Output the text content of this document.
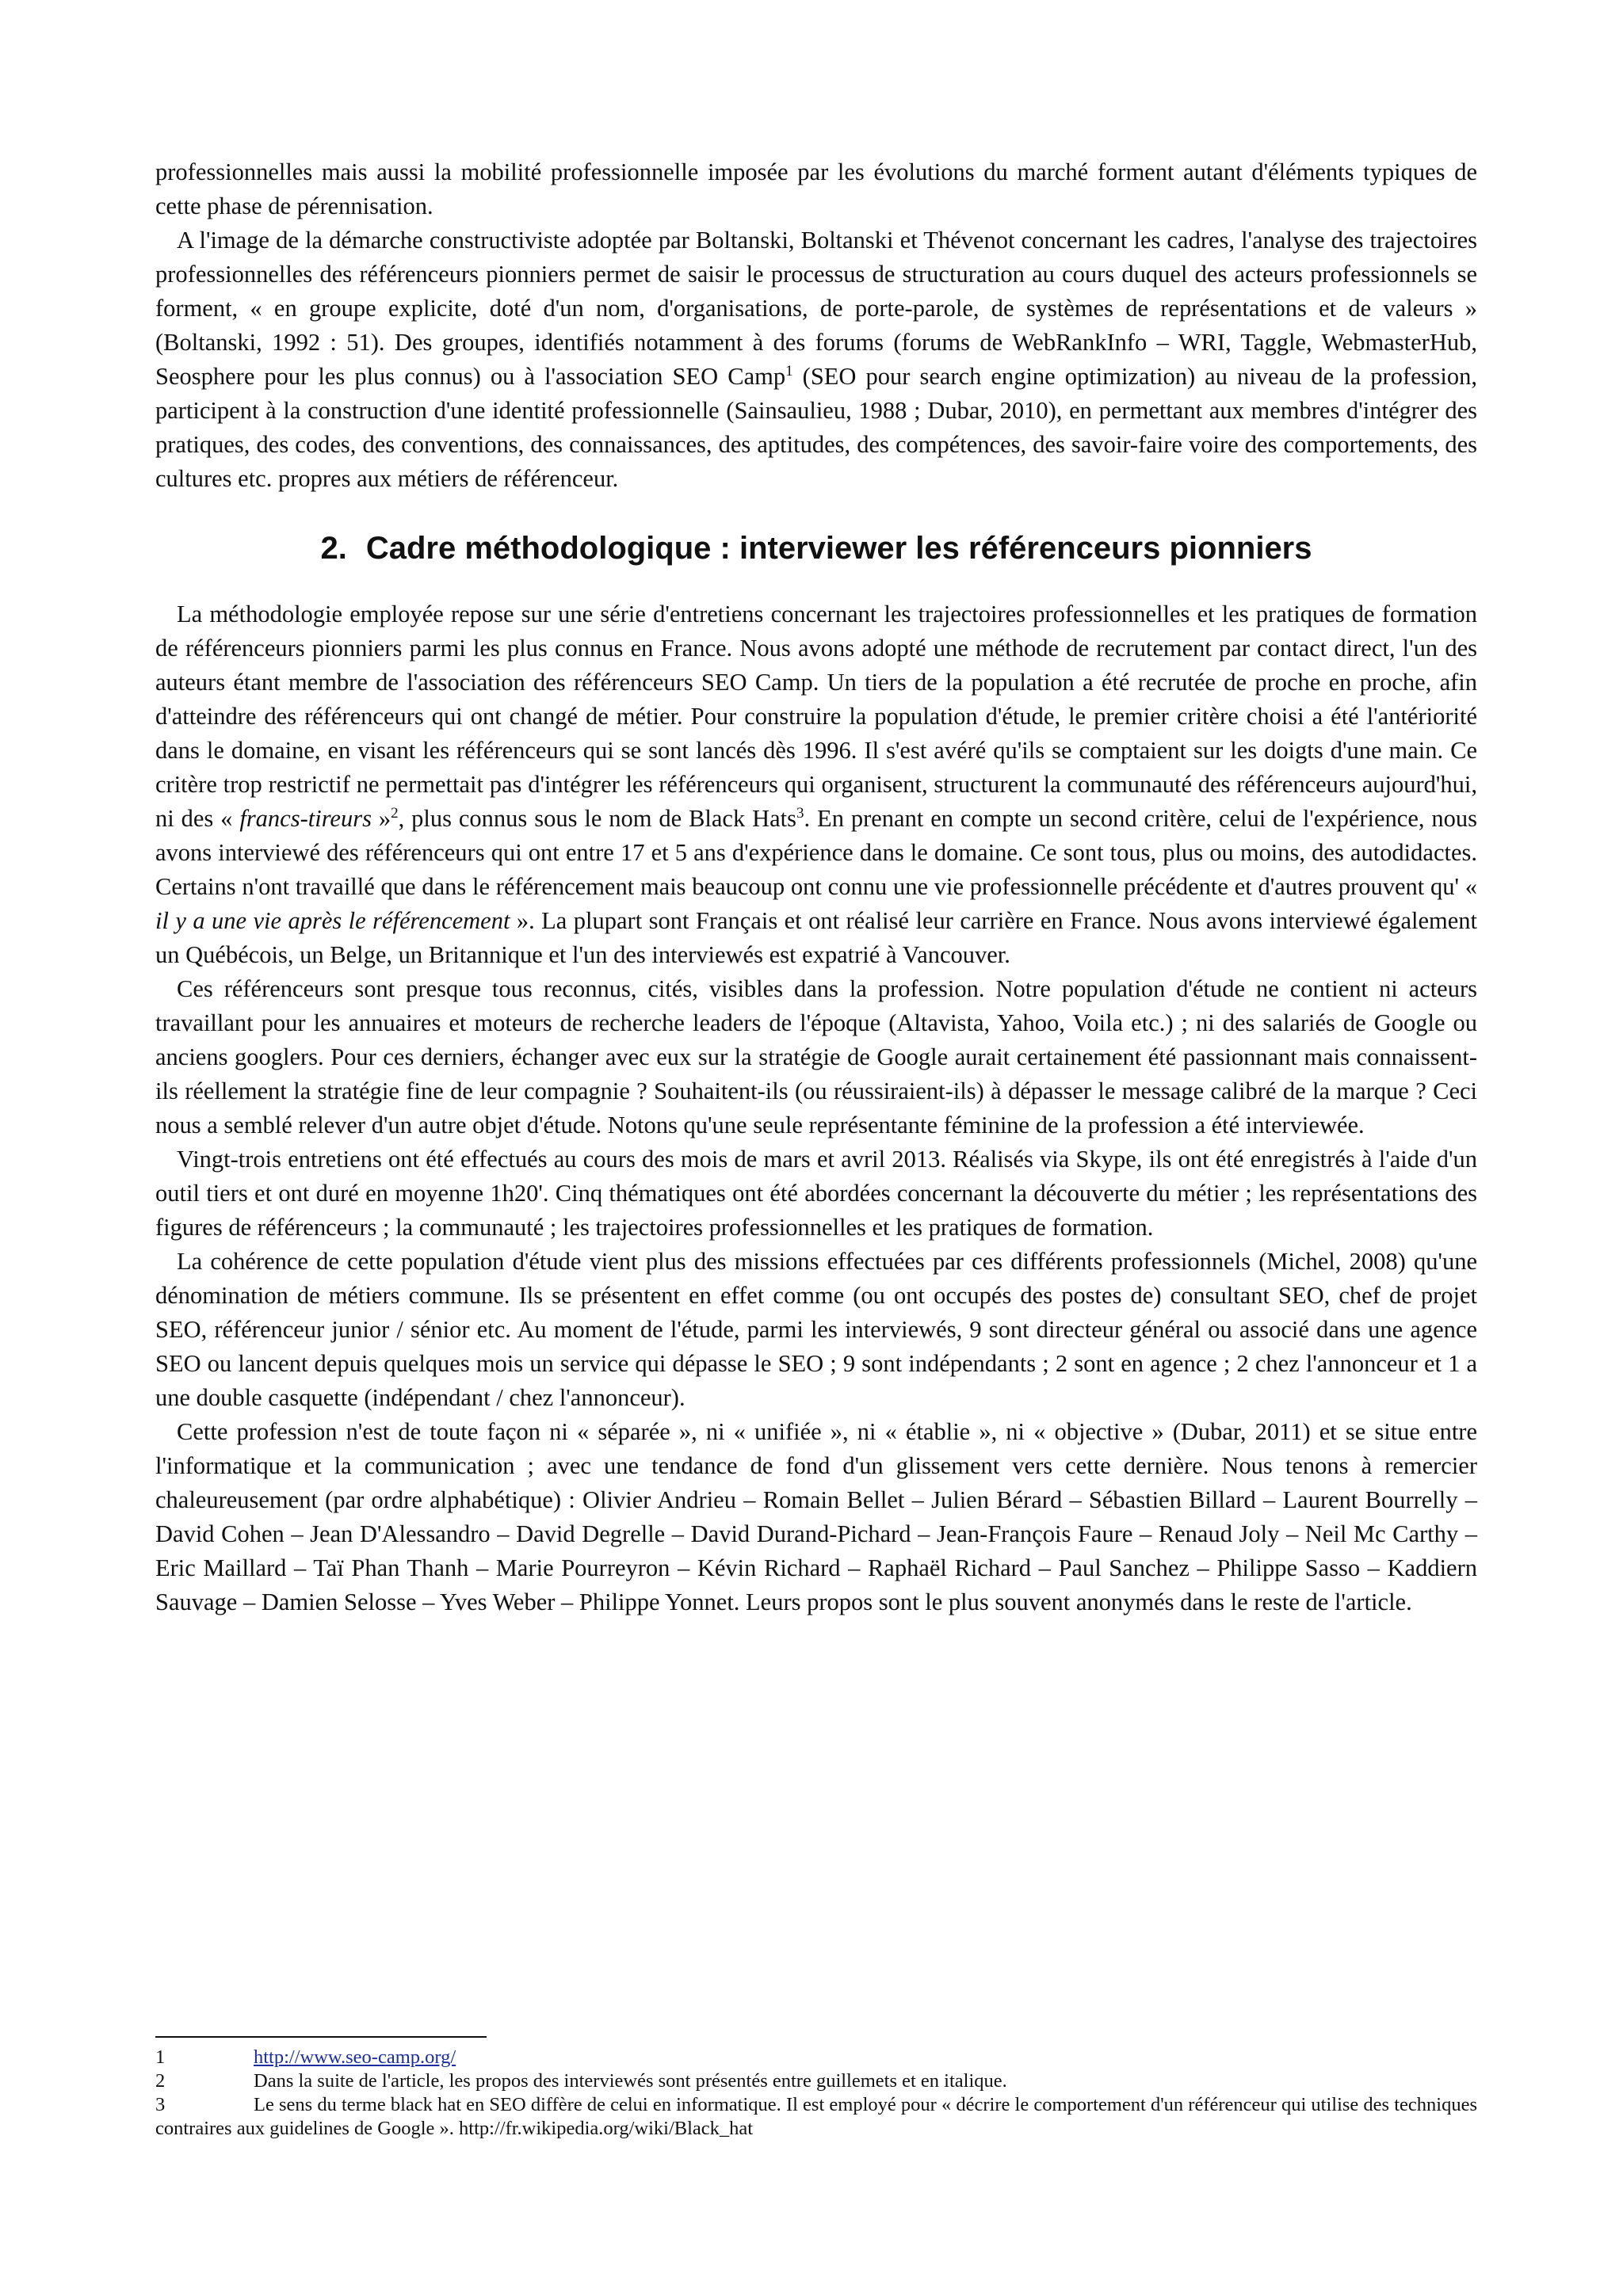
professionnelles mais aussi la mobilité professionnelle imposée par les évolutions du marché forment autant d'éléments typiques de cette phase de pérennisation.

A l'image de la démarche constructiviste adoptée par Boltanski, Boltanski et Thévenot concernant les cadres, l'analyse des trajectoires professionnelles des référenceurs pionniers permet de saisir le processus de structuration au cours duquel des acteurs professionnels se forment, « en groupe explicite, doté d'un nom, d'organisations, de porte-parole, de systèmes de représentations et de valeurs » (Boltanski, 1992 : 51). Des groupes, identifiés notamment à des forums (forums de WebRankInfo – WRI, Taggle, WebmasterHub, Seosphere pour les plus connus) ou à l'association SEO Camp$^1$ (SEO pour search engine optimization) au niveau de la profession, participent à la construction d'une identité professionnelle (Sainsaulieu, 1988 ; Dubar, 2010), en permettant aux membres d'intégrer des pratiques, des codes, des conventions, des connaissances, des aptitudes, des compétences, des savoir-faire voire des comportements, des cultures etc. propres aux métiers de référenceur.

2. Cadre méthodologique : interviewer les référenceurs pionniers

La méthodologie employée repose sur une série d'entretiens concernant les trajectoires professionnelles et les pratiques de formation de référenceurs pionniers parmi les plus connus en France. Nous avons adopté une méthode de recrutement par contact direct, l'un des auteurs étant membre de l'association des référenceurs SEO Camp. Un tiers de la population a été recrutée de proche en proche, afin d'atteindre des référenceurs qui ont changé de métier. Pour construire la population d'étude, le premier critère choisi a été l'antériorité dans le domaine, en visant les référenceurs qui se sont lancés dès 1996. Il s'est avéré qu'ils se comptaient sur les doigts d'une main. Ce critère trop restrictif ne permettait pas d'intégrer les référenceurs qui organisent, structurent la communauté des référenceurs aujourd'hui, ni des « francs-tireurs »$^2$, plus connus sous le nom de Black Hats$^3$. En prenant en compte un second critère, celui de l'expérience, nous avons interviewé des référenceurs qui ont entre 17 et 5 ans d'expérience dans le domaine. Ce sont tous, plus ou moins, des autodidactes. Certains n'ont travaillé que dans le référencement mais beaucoup ont connu une vie professionnelle précédente et d'autres prouvent qu' « il y a une vie après le référencement ». La plupart sont Français et ont réalisé leur carrière en France. Nous avons interviewé également un Québécois, un Belge, un Britannique et l'un des interviewés est expatrié à Vancouver.

Ces référenceurs sont presque tous reconnus, cités, visibles dans la profession. Notre population d'étude ne contient ni acteurs travaillant pour les annuaires et moteurs de recherche leaders de l'époque (Altavista, Yahoo, Voila etc.) ; ni des salariés de Google ou anciens googlers. Pour ces derniers, échanger avec eux sur la stratégie de Google aurait certainement été passionnant mais connaissent-ils réellement la stratégie fine de leur compagnie ? Souhaitent-ils (ou réussiraient-ils) à dépasser le message calibré de la marque ? Ceci nous a semblé relever d'un autre objet d'étude. Notons qu'une seule représentante féminine de la profession a été interviewée.

Vingt-trois entretiens ont été effectués au cours des mois de mars et avril 2013. Réalisés via Skype, ils ont été enregistrés à l'aide d'un outil tiers et ont duré en moyenne 1h20'. Cinq thématiques ont été abordées concernant la découverte du métier ; les représentations des figures de référenceurs ; la communauté ; les trajectoires professionnelles et les pratiques de formation.

La cohérence de cette population d'étude vient plus des missions effectuées par ces différents professionnels (Michel, 2008) qu'une dénomination de métiers commune. Ils se présentent en effet comme (ou ont occupés des postes de) consultant SEO, chef de projet SEO, référenceur junior / sénior etc. Au moment de l'étude, parmi les interviewés, 9 sont directeur général ou associé dans une agence SEO ou lancent depuis quelques mois un service qui dépasse le SEO ; 9 sont indépendants ; 2 sont en agence ; 2 chez l'annonceur et 1 a une double casquette (indépendant / chez l'annonceur).

Cette profession n'est de toute façon ni « séparée », ni « unifiée », ni « établie », ni « objective » (Dubar, 2011) et se situe entre l'informatique et la communication ; avec une tendance de fond d'un glissement vers cette dernière. Nous tenons à remercier chaleureusement (par ordre alphabétique) : Olivier Andrieu – Romain Bellet – Julien Bérard – Sébastien Billard – Laurent Bourrelly – David Cohen – Jean D'Alessandro – David Degrelle – David Durand-Pichard – Jean-François Faure – Renaud Joly – Neil Mc Carthy – Eric Maillard – Taï Phan Thanh – Marie Pourreyron – Kévin Richard – Raphaël Richard – Paul Sanchez – Philippe Sasso – Kaddiern Sauvage – Damien Selosse – Yves Weber – Philippe Yonnet. Leurs propos sont le plus souvent anonymés dans le reste de l'article.

1	http://www.seo-camp.org/
2	Dans la suite de l'article, les propos des interviewés sont présentés entre guillemets et en italique.
3	Le sens du terme black hat en SEO diffère de celui en informatique. Il est employé pour « décrire le comportement d'un référenceur qui utilise des techniques contraires aux guidelines de Google ». http://fr.wikipedia.org/wiki/Black_hat
